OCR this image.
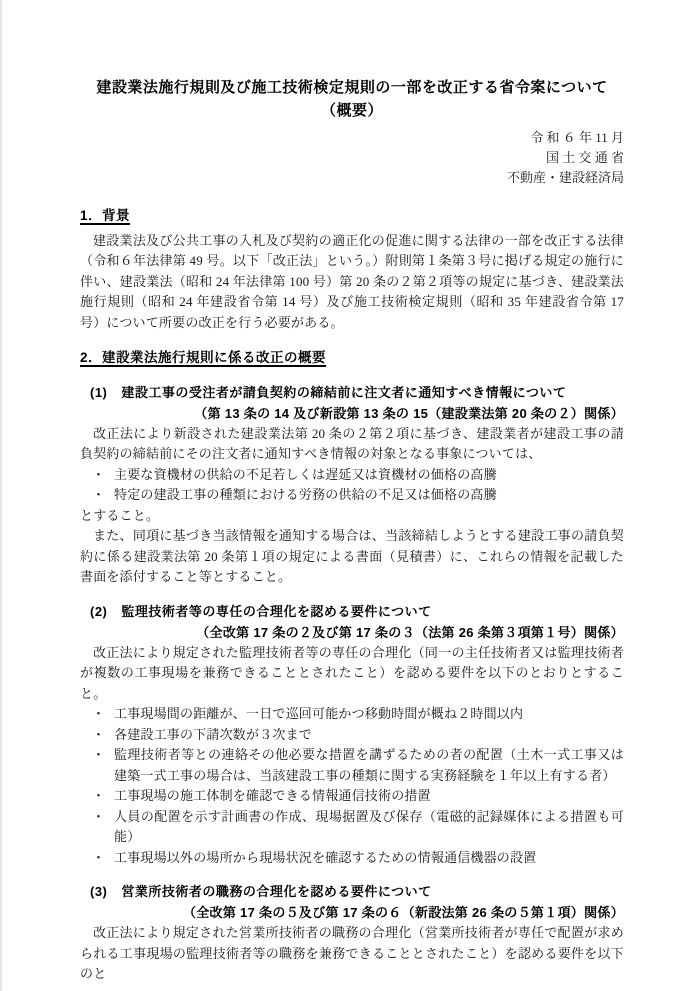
建設業法施行規則及び施工技術検定規則の一部を改正する省令案について
（概要）
令 和 ６ 年 11 月
国 土 交 通 省
不動産・建設経済局
1．背景

建設業法及び公共工事の入札及び契約の適正化の促進に関する法律の一部を改正する法律（令和６年法律第 49 号。以下「改正法」という。）附則第１条第３号に掲げる規定の施行に伴い、建設業法（昭和 24 年法律第 100 号）第 20 条の２第２項等の規定に基づき、建設業法施行規則（昭和 24 年建設省令第 14 号）及び施工技術検定規則（昭和 35 年建設省令第 17 号）について所要の改正を行う必要がある。

2．建設業法施行規則に係る改正の概要
(1) 建設工事の受注者が請負契約の締結前に注文者に通知すべき情報について
（第 13 条の 14 及び新設第 13 条の 15（建設業法第 20 条の２）関係）

改正法により新設された建設業法第 20 条の２第２項に基づき、建設業者が建設工事の請負契約の締結前にその注文者に通知すべき情報の対象となる事象については、

・ 主要な資機材の供給の不足若しくは遅延又は資機材の価格の高騰
・ 特定の建設工事の種類における労務の供給の不足又は価格の高騰

とすること。

また、同項に基づき当該情報を通知する場合は、当該締結しようとする建設工事の請負契約に係る建設業法第 20 条第１項の規定による書面（見積書）に、これらの情報を記載した書面を添付すること等とすること。

(2) 監理技術者等の専任の合理化を認める要件について
（全改第 17 条の２及び第 17 条の３（法第 26 条第３項第１号）関係）

改正法により規定された監理技術者等の専任の合理化（同一の主任技術者又は監理技術者が複数の工事現場を兼務できることとされたこと）を認める要件を以下のとおりとすること。

・ 工事現場間の距離が、一日で巡回可能かつ移動時間が概ね２時間以内
・ 各建設工事の下請次数が３次まで
・ 監理技術者等との連絡その他必要な措置を講ずるための者の配置（土木一式工事又は建築一式工事の場合は、当該建設工事の種類に関する実務経験を１年以上有する者）
・ 工事現場の施工体制を確認できる情報通信技術の措置
・ 人員の配置を示す計画書の作成、現場据置及び保存（電磁的記録媒体による措置も可能）
・ 工事現場以外の場所から現場状況を確認するための情報通信機器の設置
(3) 営業所技術者の職務の合理化を認める要件について
（全改第 17 条の５及び第 17 条の６（新設法第 26 条の５第１項）関係）

改正法により規定された営業所技術者の職務の合理化（営業所技術者が専任で配置が求められる工事現場の監理技術者等の職務を兼務できることとされたこと）を認める要件を以下のと
